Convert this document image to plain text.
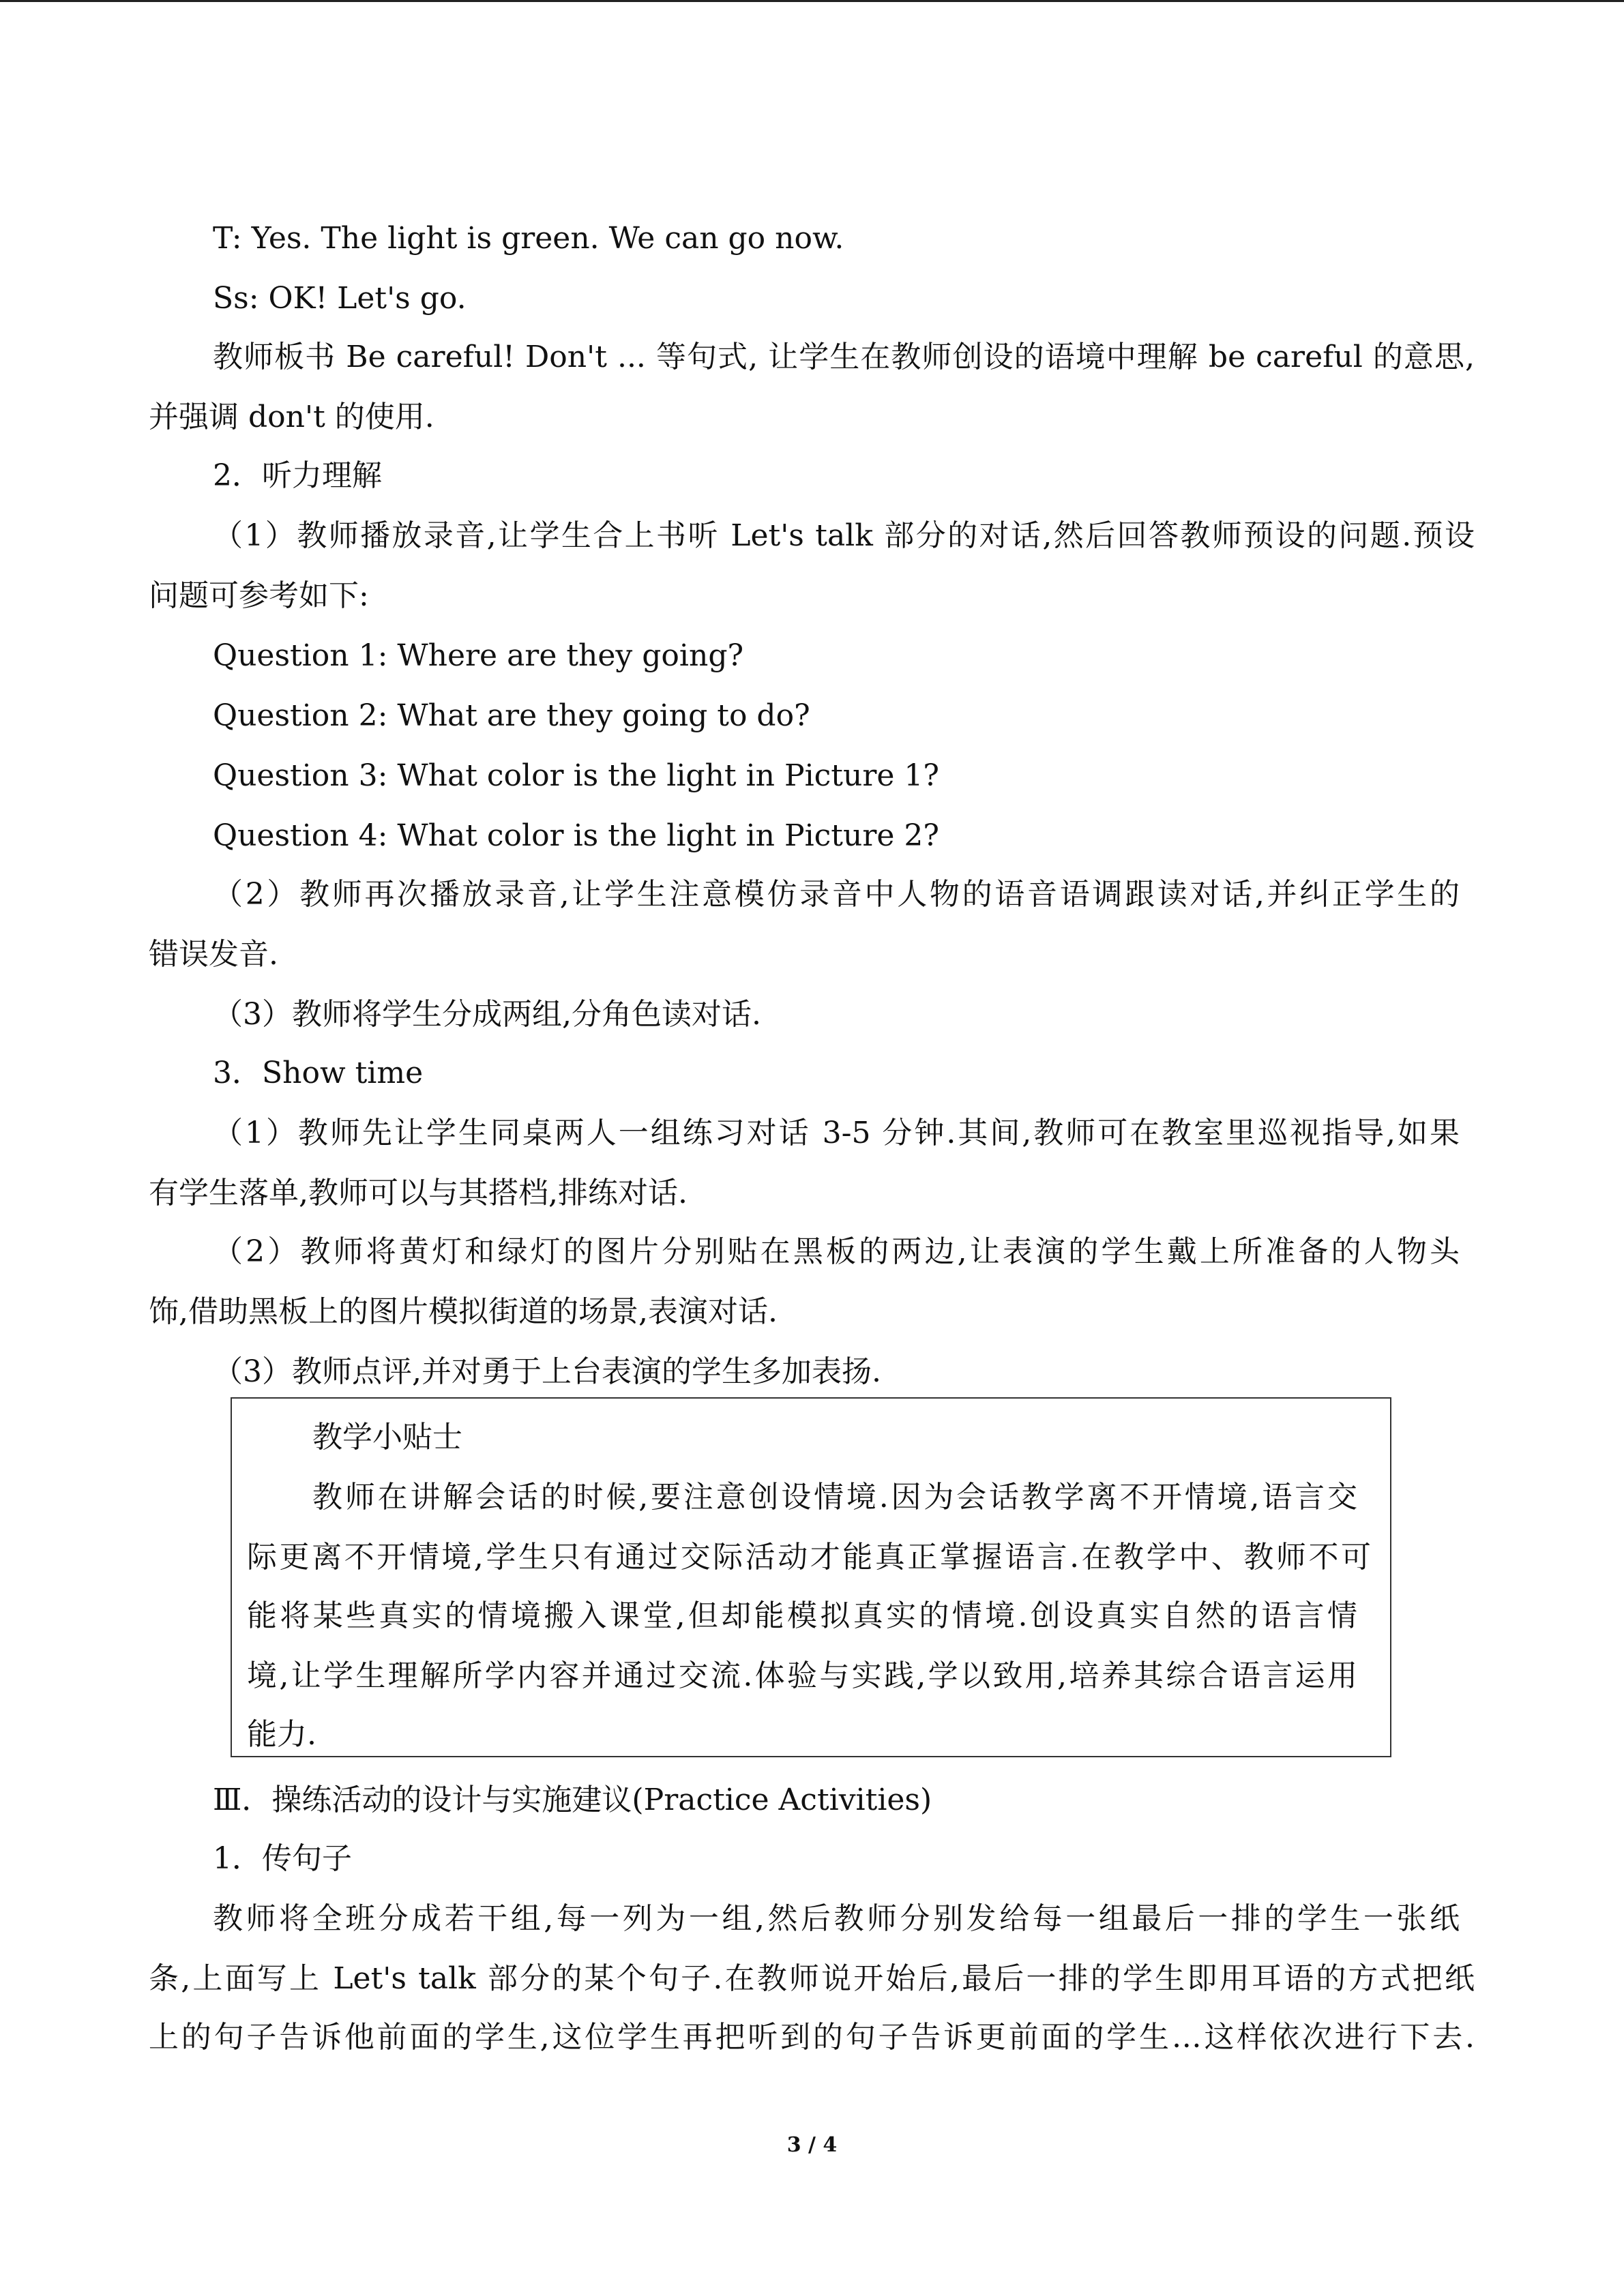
T: Yes. The light is green. We can go now.

Ss: OK! Let's go.

教师板书 Be careful! Don't ... 等句式, 让学生在教师创设的语境中理解 be careful 的意思,

并强调 don't 的使用.

2．听力理解

（1）教师播放录音,让学生合上书听 Let's talk 部分的对话,然后回答教师预设的问题.预设

问题可参考如下:

Question 1: Where are they going?

Question 2: What are they going to do?

Question 3: What color is the light in Picture 1?

Question 4: What color is the light in Picture 2?

（2）教师再次播放录音,让学生注意模仿录音中人物的语音语调跟读对话,并纠正学生的

错误发音.

（3）教师将学生分成两组,分角色读对话.

3．Show time

（1）教师先让学生同桌两人一组练习对话 3-5 分钟.其间,教师可在教室里巡视指导,如果

有学生落单,教师可以与其搭档,排练对话.

（2）教师将黄灯和绿灯的图片分别贴在黑板的两边,让表演的学生戴上所准备的人物头

饰,借助黑板上的图片模拟街道的场景,表演对话.

（3）教师点评,并对勇于上台表演的学生多加表扬.

教学小贴士

教师在讲解会话的时候,要注意创设情境.因为会话教学离不开情境,语言交

际更离不开情境,学生只有通过交际活动才能真正掌握语言.在教学中、教师不可

能将某些真实的情境搬入课堂,但却能模拟真实的情境.创设真实自然的语言情

境,让学生理解所学内容并通过交流.体验与实践,学以致用,培养其综合语言运用

能力.

Ⅲ．操练活动的设计与实施建议(Practice Activities)

1．传句子

教师将全班分成若干组,每一列为一组,然后教师分别发给每一组最后一排的学生一张纸

条,上面写上 Let's talk 部分的某个句子.在教师说开始后,最后一排的学生即用耳语的方式把纸

上的句子告诉他前面的学生,这位学生再把听到的句子告诉更前面的学生…这样依次进行下去.

3 / 4
